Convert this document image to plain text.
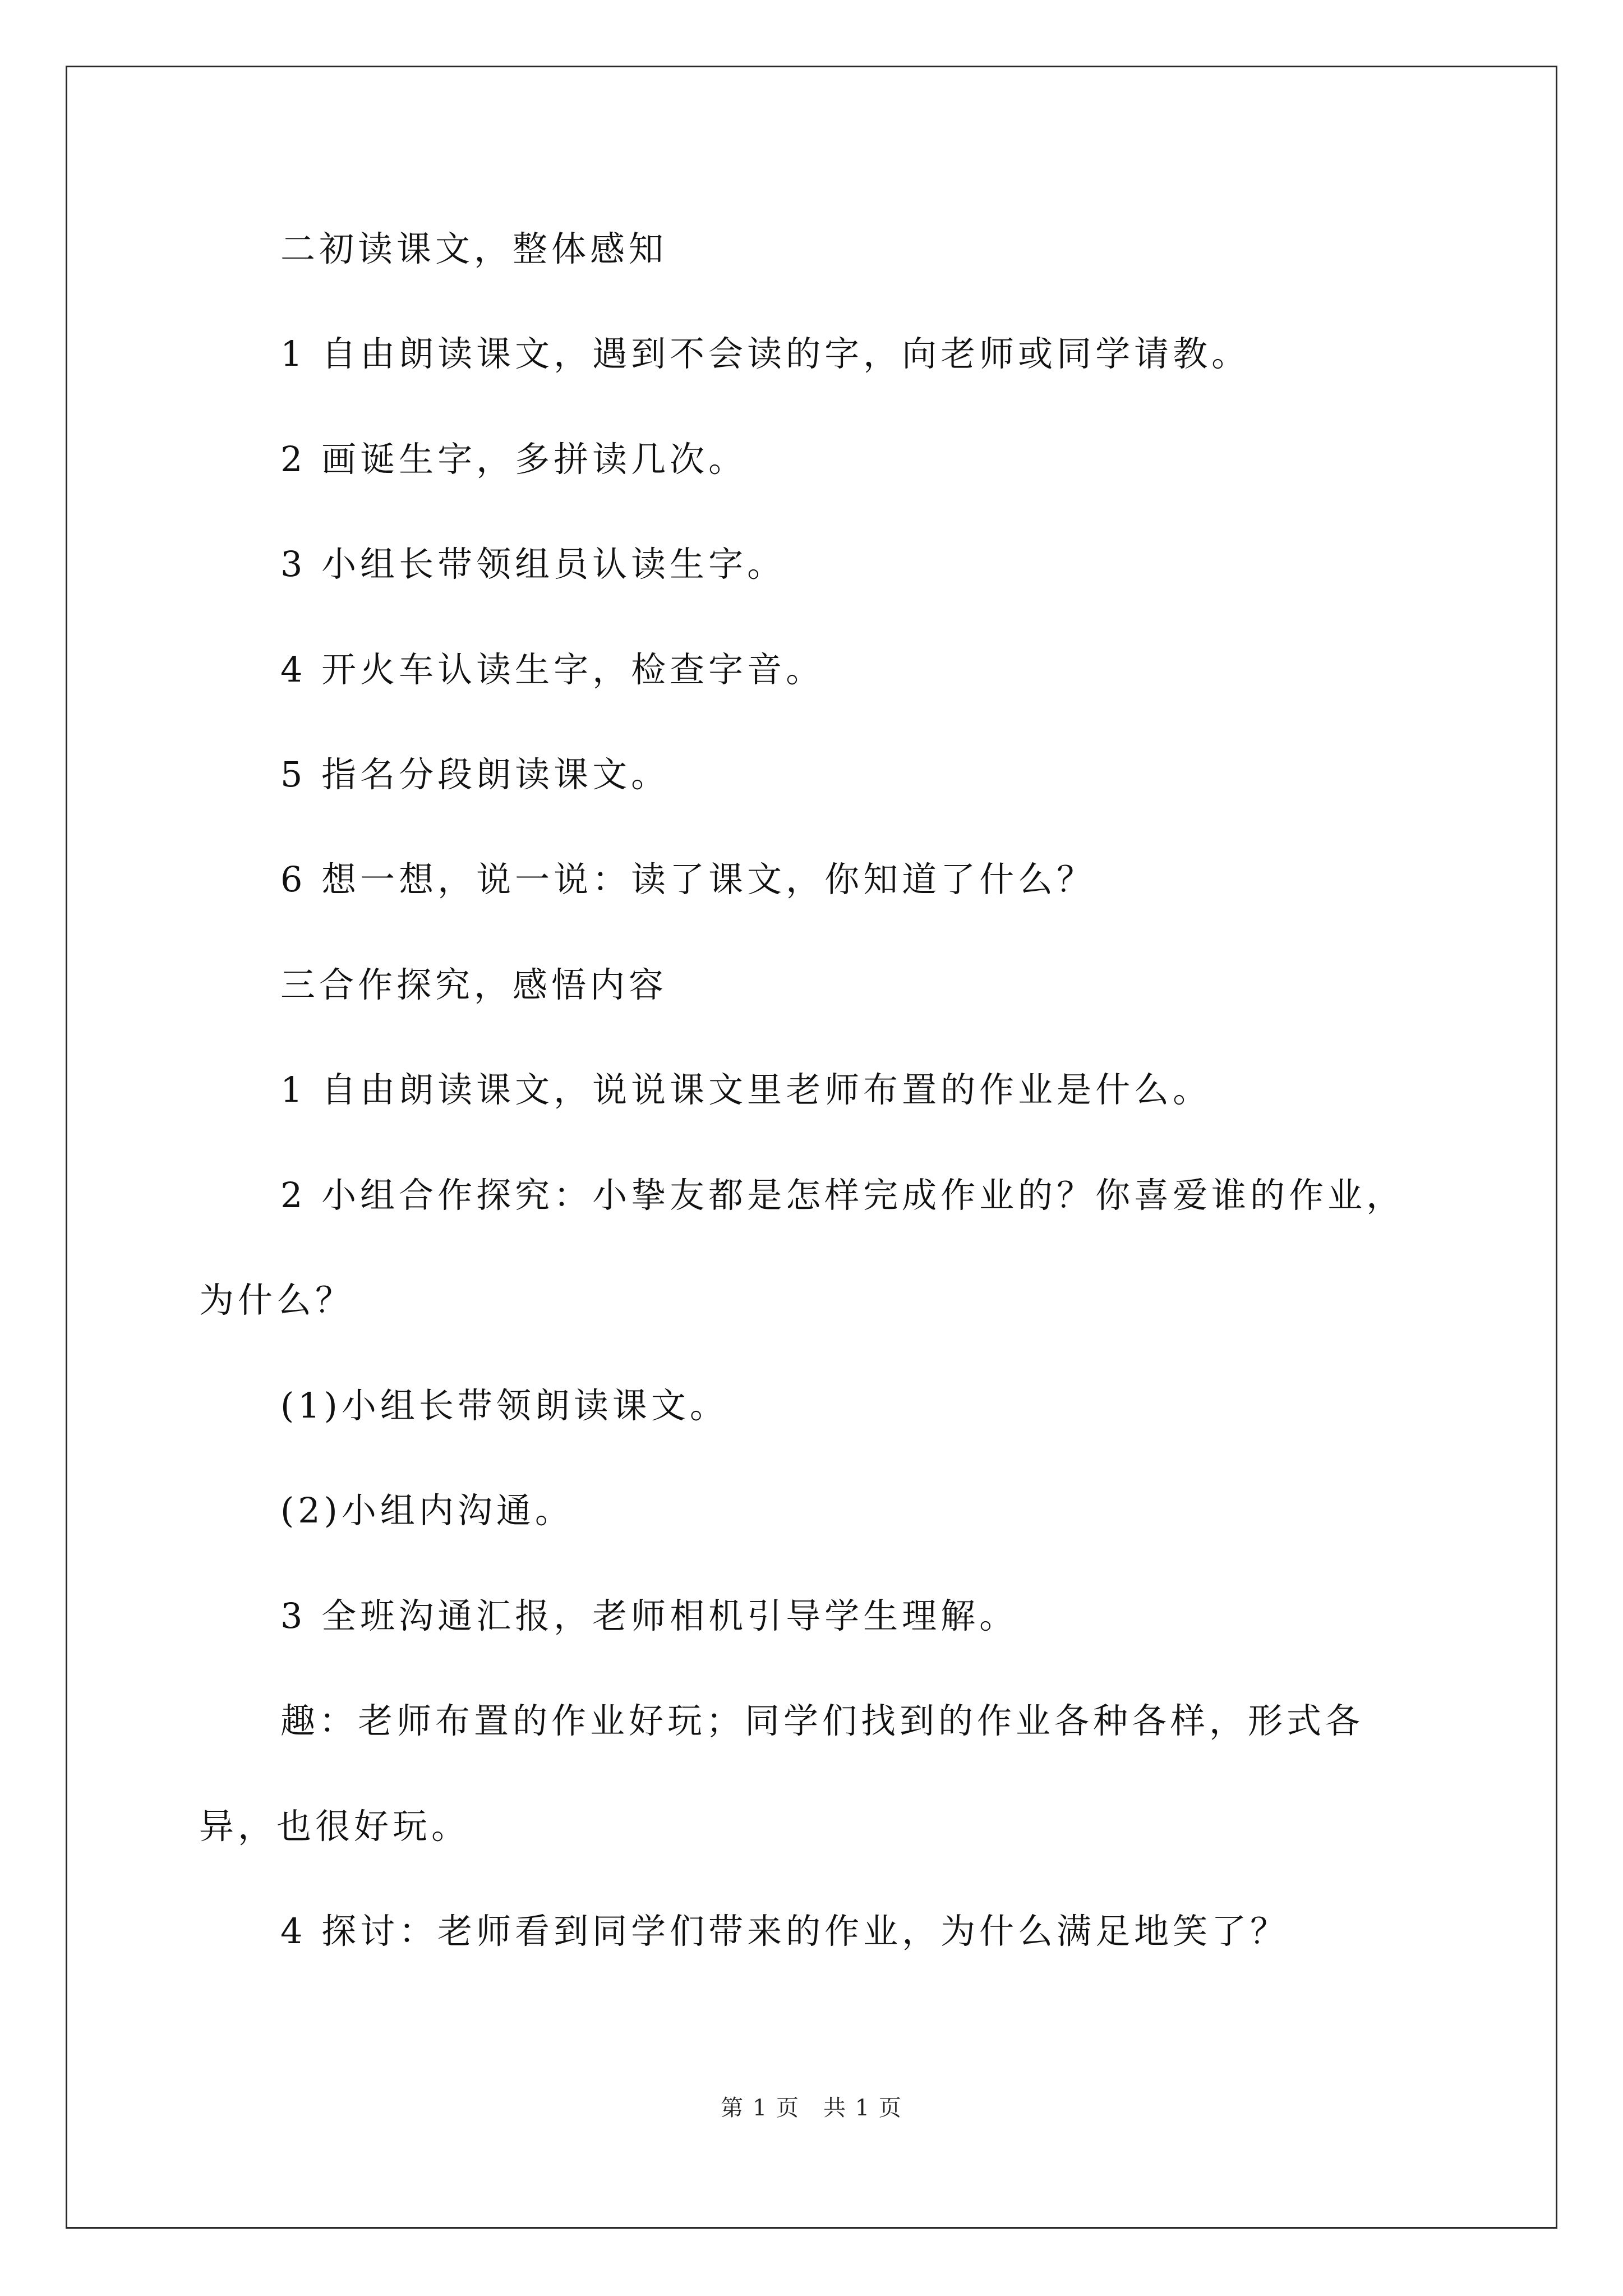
二初读课文，整体感知

1 自由朗读课文，遇到不会读的字，向老师或同学请教。

2 画诞生字，多拼读几次。

3 小组长带领组员认读生字。

4 开火车认读生字，检查字音。

5 指名分段朗读课文。

6 想一想，说一说：读了课文，你知道了什么？

三合作探究，感悟内容

1 自由朗读课文，说说课文里老师布置的作业是什么。

2 小组合作探究：小挚友都是怎样完成作业的？你喜爱谁的作业，

为什么？

(1)小组长带领朗读课文。

(2)小组内沟通。

3 全班沟通汇报，老师相机引导学生理解。

趣：老师布置的作业好玩；同学们找到的作业各种各样，形式各

异，也很好玩。

4 探讨：老师看到同学们带来的作业，为什么满足地笑了？

第 1 页　共 1 页
